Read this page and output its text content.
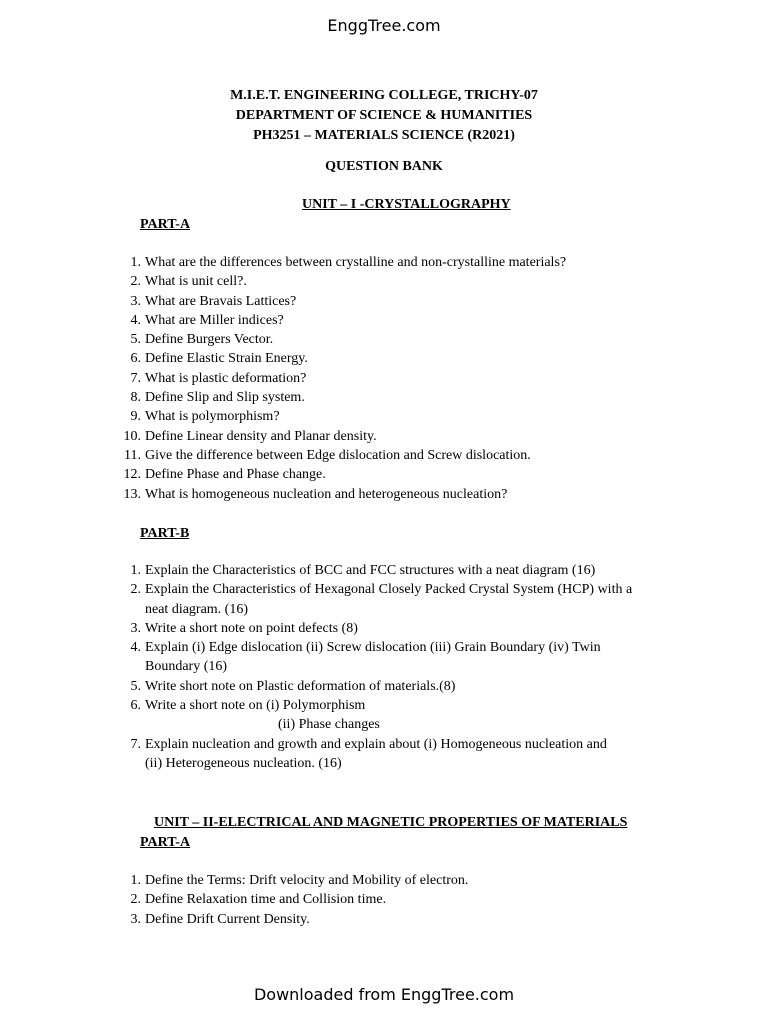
EnggTree.com
M.I.E.T. ENGINEERING COLLEGE, TRICHY-07
DEPARTMENT OF SCIENCE & HUMANITIES
PH3251 – MATERIALS SCIENCE (R2021)
QUESTION BANK
UNIT – I -CRYSTALLOGRAPHY
PART-A
1. What are the differences between crystalline and non-crystalline materials?
2. What is unit cell?.
3. What are Bravais Lattices?
4. What are Miller indices?
5. Define Burgers Vector.
6. Define Elastic Strain Energy.
7. What is plastic deformation?
8. Define Slip and Slip system.
9. What is polymorphism?
10. Define Linear density and Planar density.
11. Give the difference between Edge dislocation and Screw dislocation.
12. Define Phase and Phase change.
13. What is homogeneous nucleation and heterogeneous nucleation?
PART-B
1. Explain the Characteristics of BCC and FCC structures with a neat diagram (16)
2. Explain the Characteristics of Hexagonal Closely Packed Crystal System (HCP) with a
neat diagram. (16)
3. Write a short note on point defects (8)
4. Explain (i) Edge dislocation (ii) Screw dislocation (iii) Grain Boundary (iv) Twin
Boundary (16)
5. Write short note on Plastic deformation of materials.(8)
6. Write a short note on (i) Polymorphism
(ii) Phase changes
7. Explain nucleation and growth and explain about (i) Homogeneous nucleation and
(ii) Heterogeneous nucleation. (16)
UNIT – II-ELECTRICAL AND MAGNETIC PROPERTIES OF MATERIALS
PART-A
1. Define the Terms: Drift velocity and Mobility of electron.
2. Define Relaxation time and Collision time.
3. Define Drift Current Density.
Downloaded from EnggTree.com
